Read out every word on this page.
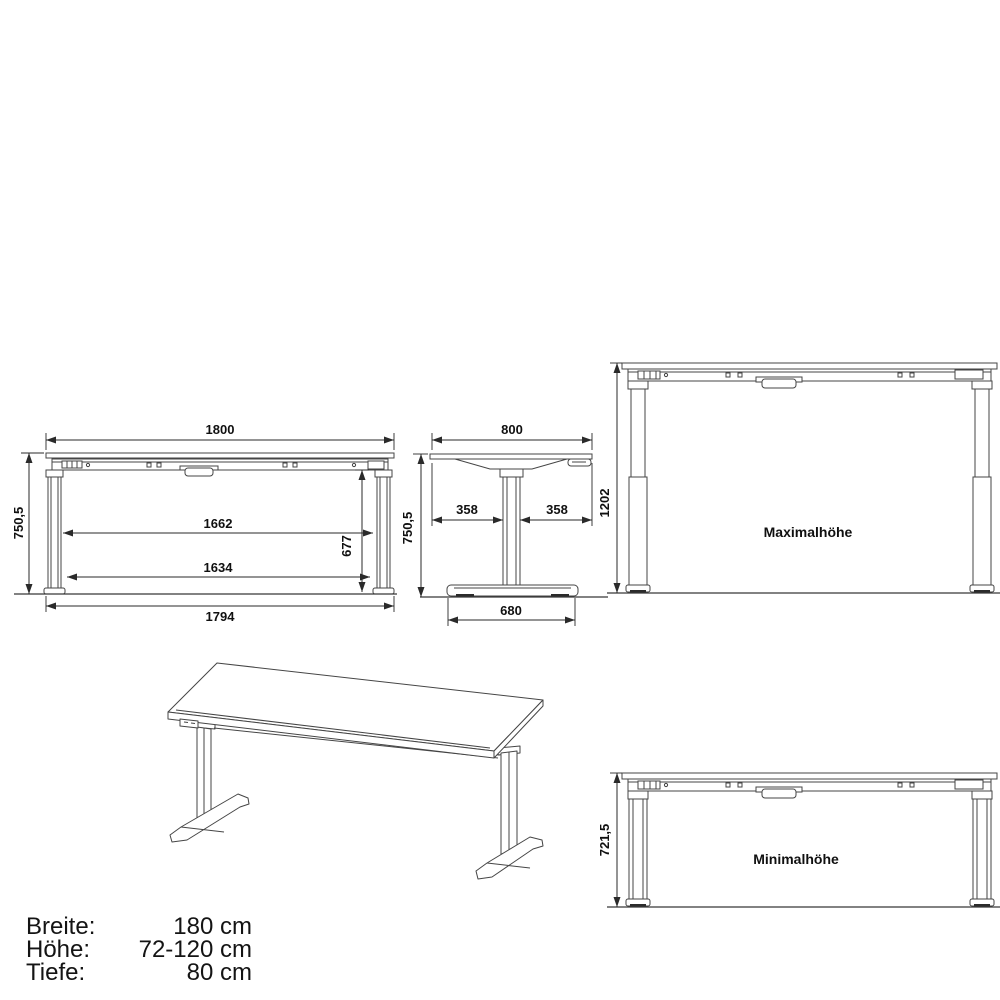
1800
750,5	1662
677
1634
1794
800
358	358
750,5
680
1202
Maximalhöhe
721,5
Minimalhöhe
Breite:	180 cm
Höhe: 72-120 cm
Tiefe:	80 cm
